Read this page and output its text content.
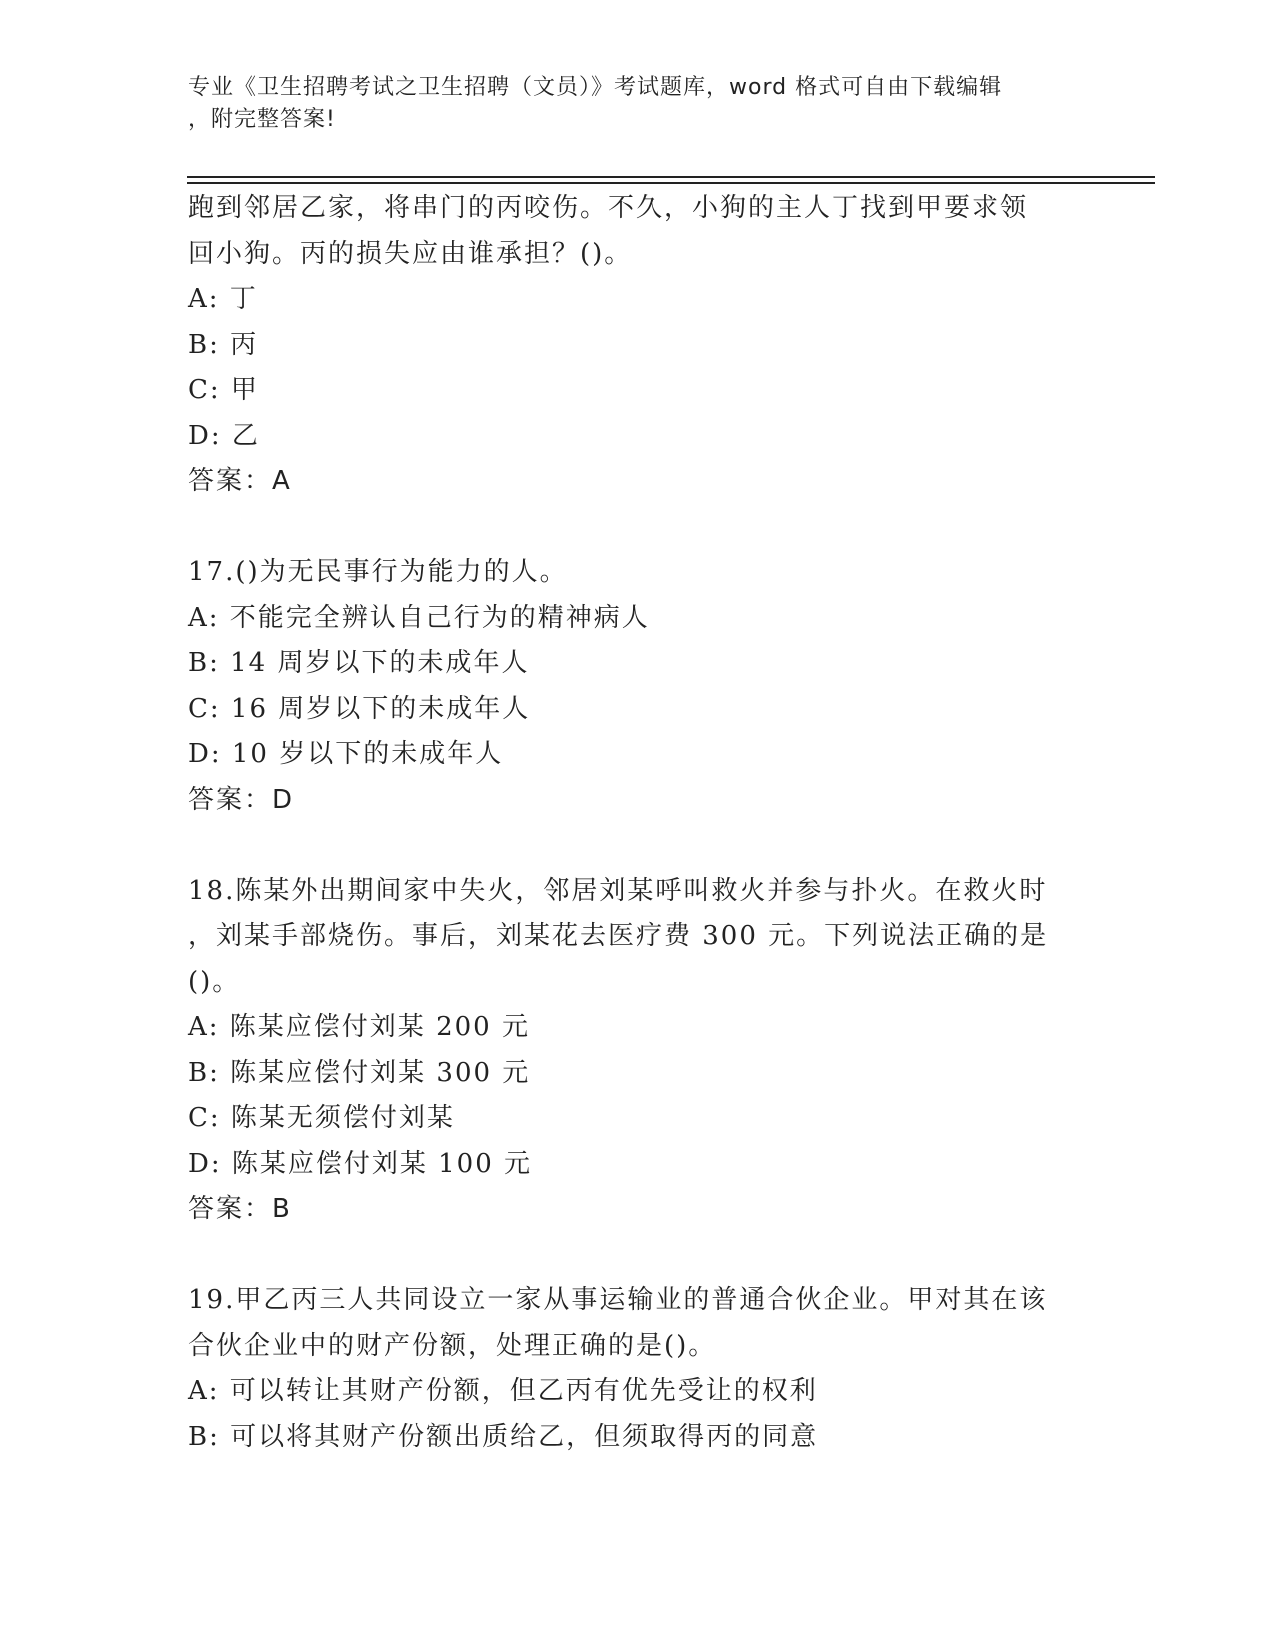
专业《卫生招聘考试之卫生招聘（文员）》考试题库，word 格式可自由下载编辑
，附完整答案!
跑到邻居乙家，将串门的丙咬伤。不久，小狗的主人丁找到甲要求领
回小狗。丙的损失应由谁承担？()。
A: 丁
B: 丙
C: 甲
D: 乙
答案：A
17.()为无民事行为能力的人。
A: 不能完全辨认自己行为的精神病人
B: 14 周岁以下的未成年人
C: 16 周岁以下的未成年人
D: 10 岁以下的未成年人
答案：D
18.陈某外出期间家中失火，邻居刘某呼叫救火并参与扑火。在救火时
，刘某手部烧伤。事后，刘某花去医疗费 300 元。下列说法正确的是
()。
A: 陈某应偿付刘某 200 元
B: 陈某应偿付刘某 300 元
C: 陈某无须偿付刘某
D: 陈某应偿付刘某 100 元
答案：B
19.甲乙丙三人共同设立一家从事运输业的普通合伙企业。甲对其在该
合伙企业中的财产份额，处理正确的是()。
A: 可以转让其财产份额，但乙丙有优先受让的权利
B: 可以将其财产份额出质给乙，但须取得丙的同意
